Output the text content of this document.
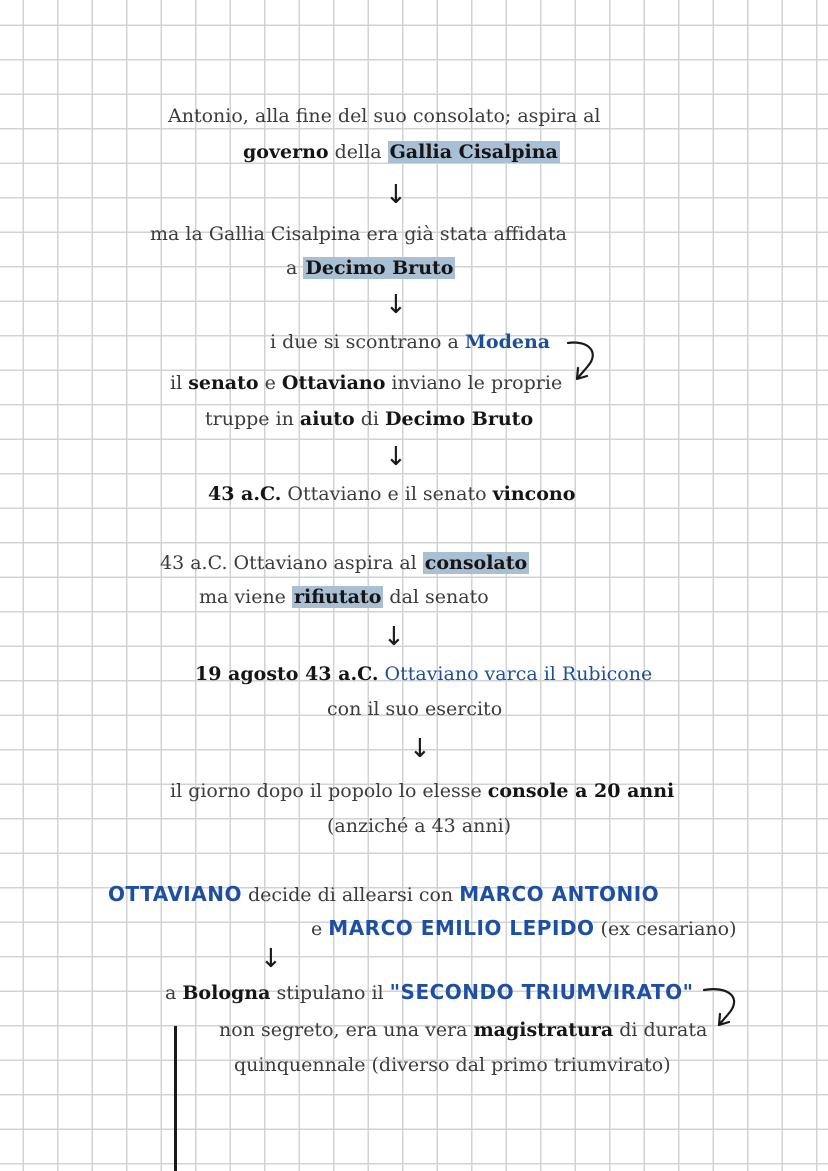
Antonio, alla fine del suo consolato; aspira al
governo della Gallia Cisalpina
↓
ma la Gallia Cisalpina era già stata affidata
a Decimo Bruto
↓
i due si scontrano a Modena
il senato e Ottaviano inviano le proprie
truppe in aiuto di Decimo Bruto
↓
43 a.C. Ottaviano e il senato vincono
43 a.C. Ottaviano aspira al consolato
ma viene rifiutato dal senato
↓
19 agosto 43 a.C. Ottaviano varca il Rubicone
con il suo esercito
↓
il giorno dopo il popolo lo elesse console a 20 anni
(anziché a 43 anni)
OTTAVIANO decide di allearsi con MARCO ANTONIO
e MARCO EMILIO LEPIDO (ex cesariano)
↓
a Bologna stipulano il "SECONDO TRIUMVIRATO"
non segreto, era una vera magistratura di durata
quinquennale (diverso dal primo triumvirato)
